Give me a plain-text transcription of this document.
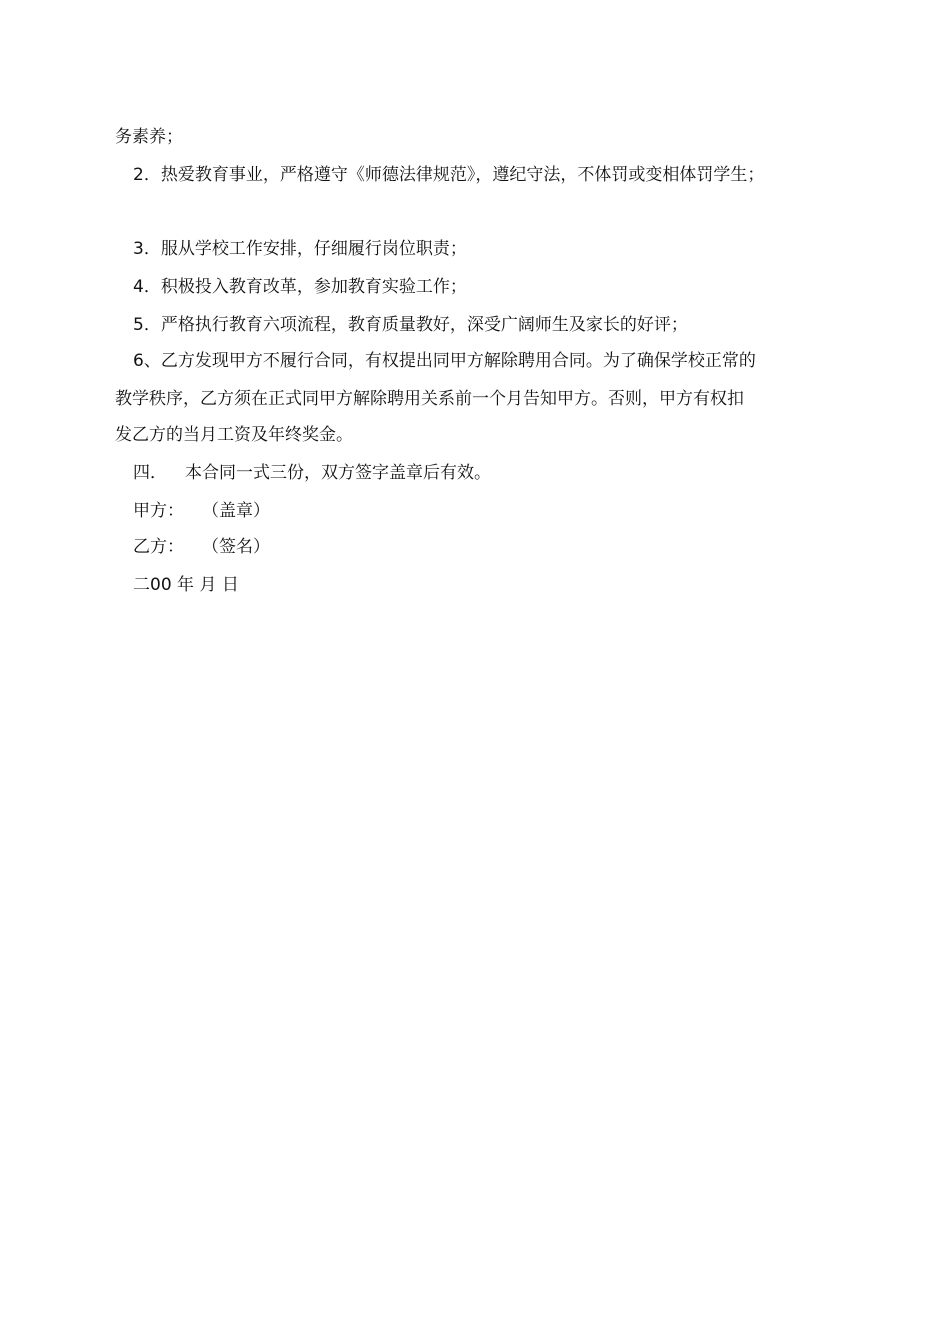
务素养；
2．热爱教育事业，严格遵守《师德法律规范》，遵纪守法，不体罚或变相体罚学生；
3．服从学校工作安排，仔细履行岗位职责；
4．积极投入教育改革，参加教育实验工作；
5．严格执行教育六项流程，教育质量教好，深受广阔师生及家长的好评；
6、乙方发现甲方不履行合同，有权提出同甲方解除聘用合同。为了确保学校正常的
教学秩序，乙方须在正式同甲方解除聘用关系前一个月告知甲方。否则，甲方有权扣
发乙方的当月工资及年终奖金。
四． 本合同一式三份，双方签字盖章后有效。
甲方： （盖章）
乙方： （签名）
二00 年 月 日
